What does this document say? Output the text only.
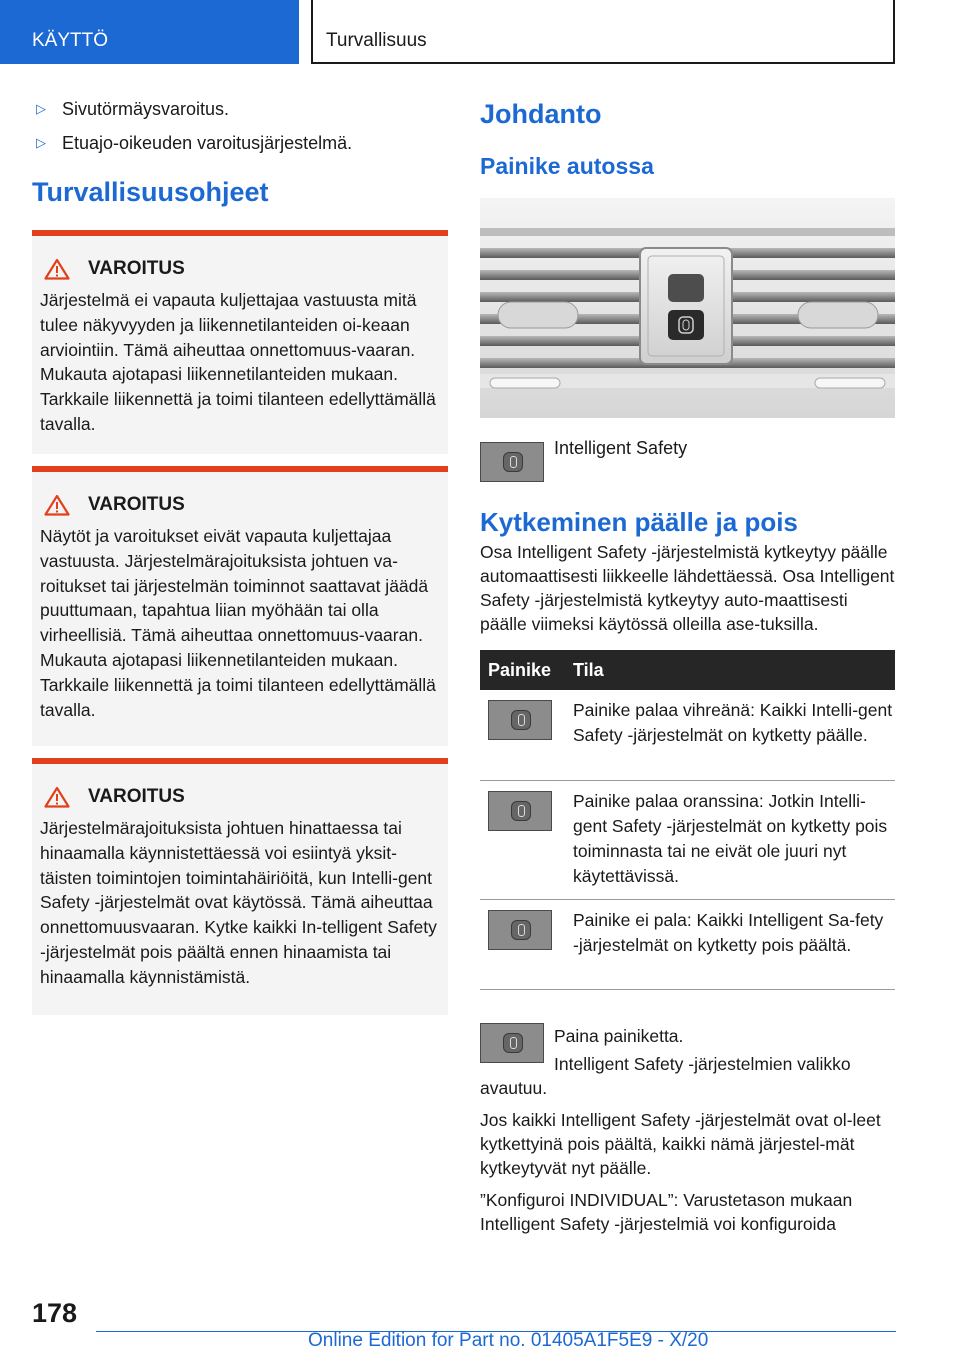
KÄYTTÖ	Turvallisuus
▷ Sivutörmäysvaroitus.
▷ Etuajo-oikeuden varoitusjärjestelmä.
Turvallisuusohjeet
VAROITUS
Järjestelmä ei vapauta kuljettajaa vastuusta mitä tulee näkyvyyden ja liikennetilanteiden oi-keaan arviointiin. Tämä aiheuttaa onnettomuus-vaaran. Mukauta ajotapasi liikennetilanteiden mukaan. Tarkkaile liikennettä ja toimi tilanteen edellyttämällä tavalla.
VAROITUS
Näytöt ja varoitukset eivät vapauta kuljettajaa vastuusta. Järjestelmärajoituksista johtuen va-roitukset tai järjestelmän toiminnot saattavat jäädä puuttumaan, tapahtua liian myöhään tai olla virheellisiä. Tämä aiheuttaa onnettomuus-vaaran. Mukauta ajotapasi liikennetilanteiden mukaan. Tarkkaile liikennettä ja toimi tilanteen edellyttämällä tavalla.
VAROITUS
Järjestelmärajoituksista johtuen hinattaessa tai hinaamalla käynnistettäessä voi esiintyä yksit-täisten toimintojen toimintahäiriöitä, kun Intelli-gent Safety -järjestelmät ovat käytössä. Tämä aiheuttaa onnettomuusvaaran. Kytke kaikki In-telligent Safety -järjestelmät pois päältä ennen hinaamista tai hinaamalla käynnistämistä.
Johdanto
Painike autossa
Intelligent Safety
Kytkeminen päälle ja pois

Osa Intelligent Safety -järjestelmistä kytkeytyy päälle automaattisesti liikkeelle lähdettäessä. Osa Intelligent Safety -järjestelmistä kytkeytyy auto-maattisesti päälle viimeksi käytössä olleilla ase-tuksilla.

Painike	Tila

	Painike palaa vihreänä: Kaikki Intelli-gent Safety -järjestelmät on kytketty päälle.

	Painike palaa oranssina: Jotkin Intelli-gent Safety -järjestelmät on kytketty pois toiminnasta tai ne eivät ole juuri nyt käytettävissä.

	Painike ei pala: Kaikki Intelligent Sa-fety -järjestelmät on kytketty pois päältä.

Paina painiketta.

Intelligent Safety -järjestelmien valikko avautuu.

Jos kaikki Intelligent Safety -järjestelmät ovat ol-leet kytkettyinä pois päältä, kaikki nämä järjestel-mät kytkeytyvät nyt päälle.

”Konfiguroi INDIVIDUAL”: Varustetason mukaan Intelligent Safety -järjestelmiä voi konfiguroida

178
Online Edition for Part no. 01405A1F5E9 - X/20
